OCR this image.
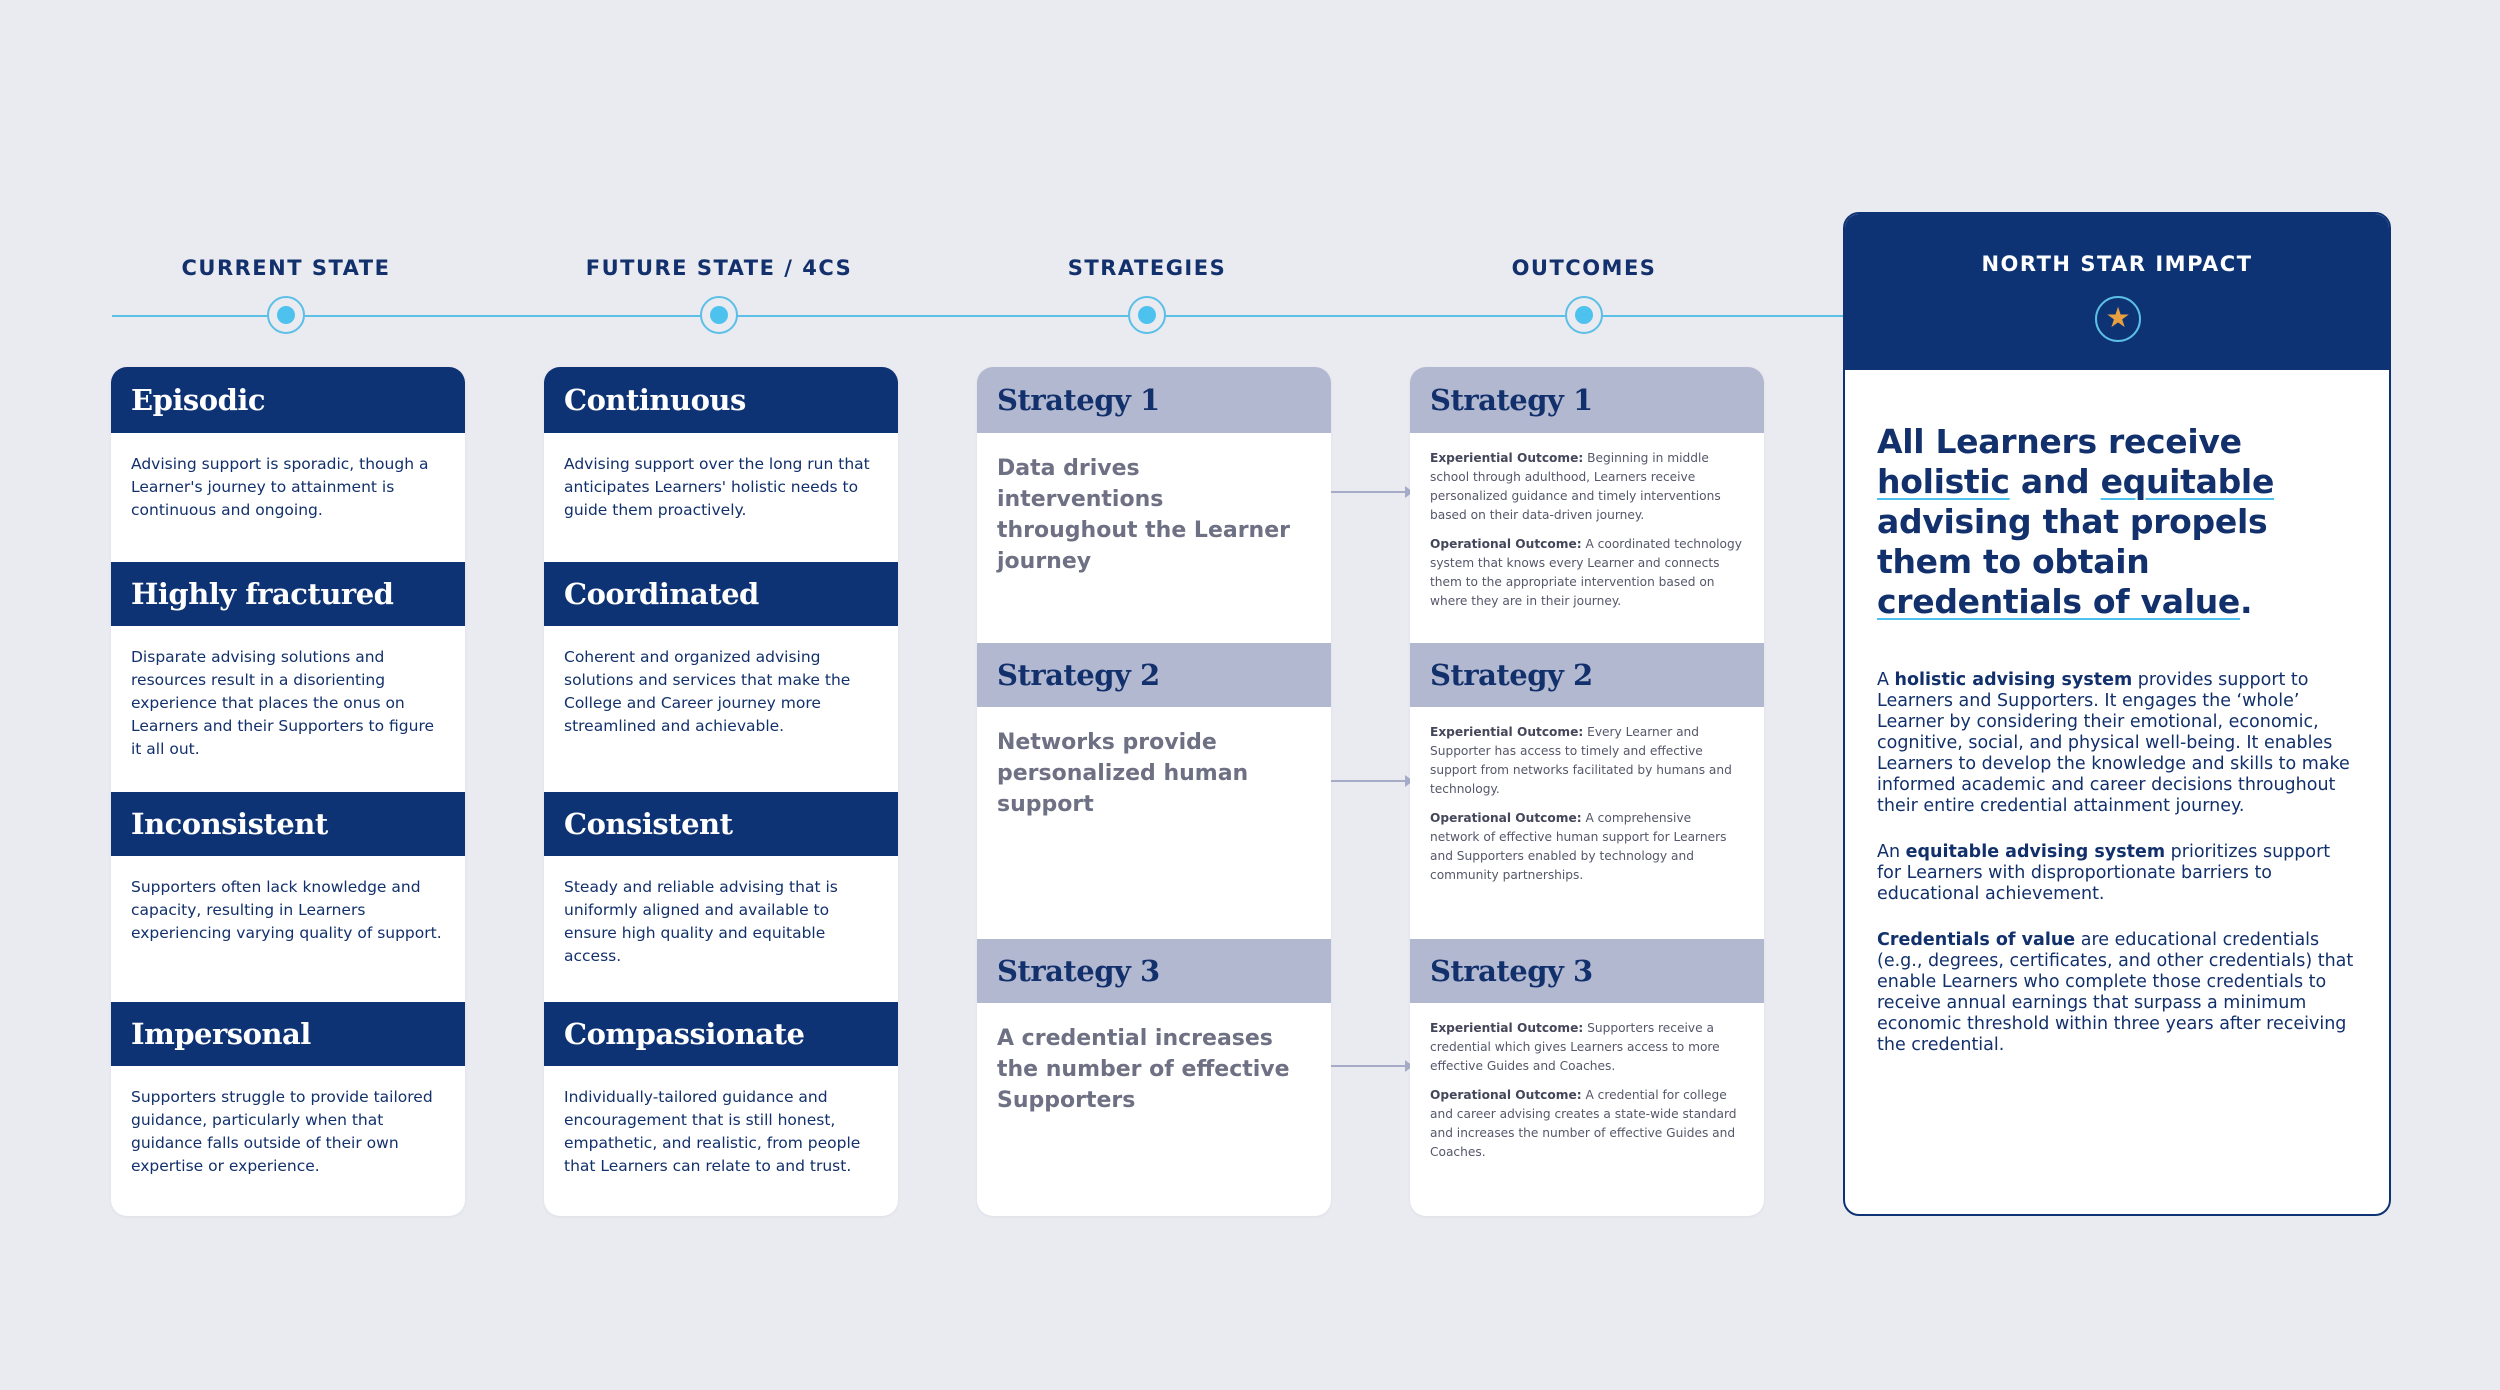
CURRENT STATE	FUTURE STATE / 4CS	STRATEGIES	OUTCOMES
Episodic
Advising support is sporadic, though a Learner's journey to attainment is continuous and ongoing.
Highly fractured
Disparate advising solutions and resources result in a disorienting experience that places the onus on Learners and their Supporters to figure it all out.
Inconsistent
Supporters often lack knowledge and capacity, resulting in Learners experiencing varying quality of support.
Impersonal
Supporters struggle to provide tailored guidance, particularly when that guidance falls outside of their own expertise or experience.
Continuous
Advising support over the long run that anticipates Learners' holistic needs to guide them proactively.
Coordinated
Coherent and organized advising solutions and services that make the College and Career journey more streamlined and achievable.
Consistent
Steady and reliable advising that is uniformly aligned and available to ensure high quality and equitable access.
Compassionate
Individually-tailored guidance and encouragement that is still honest, empathetic, and realistic, from people that Learners can relate to and trust.
Strategy 1
Data drives interventions throughout the Learner journey
Strategy 2
Networks provide personalized human support
Strategy 3
A credential increases the number of effective Supporters
Strategy 1

Experiential Outcome: Beginning in middle school through adulthood, Learners receive personalized guidance and timely interventions based on their data-driven journey.

Operational Outcome: A coordinated technology system that knows every Learner and connects them to the appropriate intervention based on where they are in their journey.

Strategy 2

Experiential Outcome: Every Learner and Supporter has access to timely and effective support from networks facilitated by humans and technology.

Operational Outcome: A comprehensive network of effective human support for Learners and Supporters enabled by technology and community partnerships.

Strategy 3

Experiential Outcome: Supporters receive a credential which gives Learners access to more effective Guides and Coaches.

Operational Outcome: A credential for college and career advising creates a state-wide standard and increases the number of effective Guides and Coaches.

NORTH STAR IMPACT
★
All Learners receive holistic and equitable advising that propels them to obtain credentials of value.

A holistic advising system provides support to Learners and Supporters. It engages the ‘whole’ Learner by considering their emotional, economic, cognitive, social, and physical well-being. It enables Learners to develop the knowledge and skills to make informed academic and career decisions throughout their entire credential attainment journey.

An equitable advising system prioritizes support for Learners with disproportionate barriers to educational achievement.

Credentials of value are educational credentials (e.g., degrees, certificates, and other credentials) that enable Learners who complete those credentials to receive annual earnings that surpass a minimum economic threshold within three years after receiving the credential.
